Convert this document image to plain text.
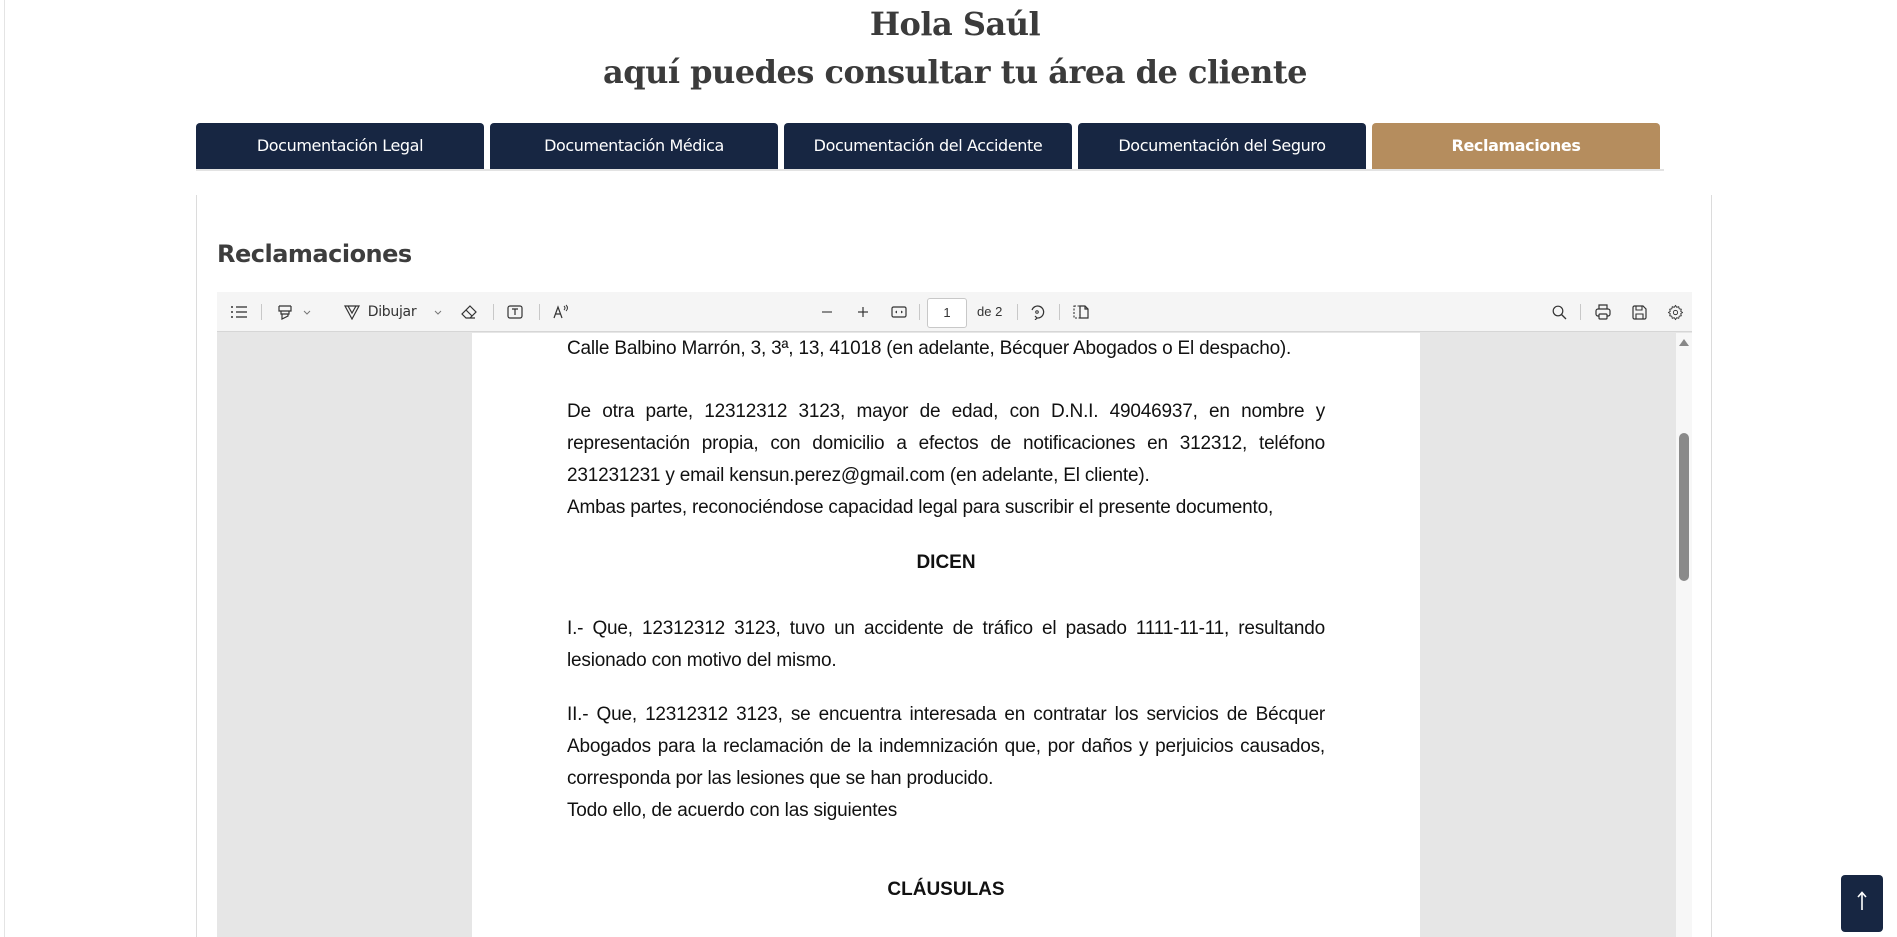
Hola Saúl
aquí puedes consultar tu área de cliente
Documentación Legal	Documentación Médica	Documentación del Accidente	Documentación del Seguro	Reclamaciones
Reclamaciones
Dibujar	1	de 2
Calle Balbino Marrón, 3, 3ª, 13, 41018 (en adelante, Bécquer Abogados o El despacho).
De otra parte, 12312312 3123, mayor de edad, con D.N.I. 49046937, en nombre y
representación propia, con domicilio a efectos de notificaciones en 312312, teléfono
231231231 y email kensun.perez@gmail.com (en adelante, El cliente).
Ambas partes, reconociéndose capacidad legal para suscribir el presente documento,
DICEN
I.- Que, 12312312 3123, tuvo un accidente de tráfico el pasado 1111-11-11, resultando
lesionado con motivo del mismo.
II.- Que, 12312312 3123, se encuentra interesada en contratar los servicios de Bécquer
Abogados para la reclamación de la indemnización que, por daños y perjuicios causados,
corresponda por las lesiones que se han producido.
Todo ello, de acuerdo con las siguientes
CLÁUSULAS
